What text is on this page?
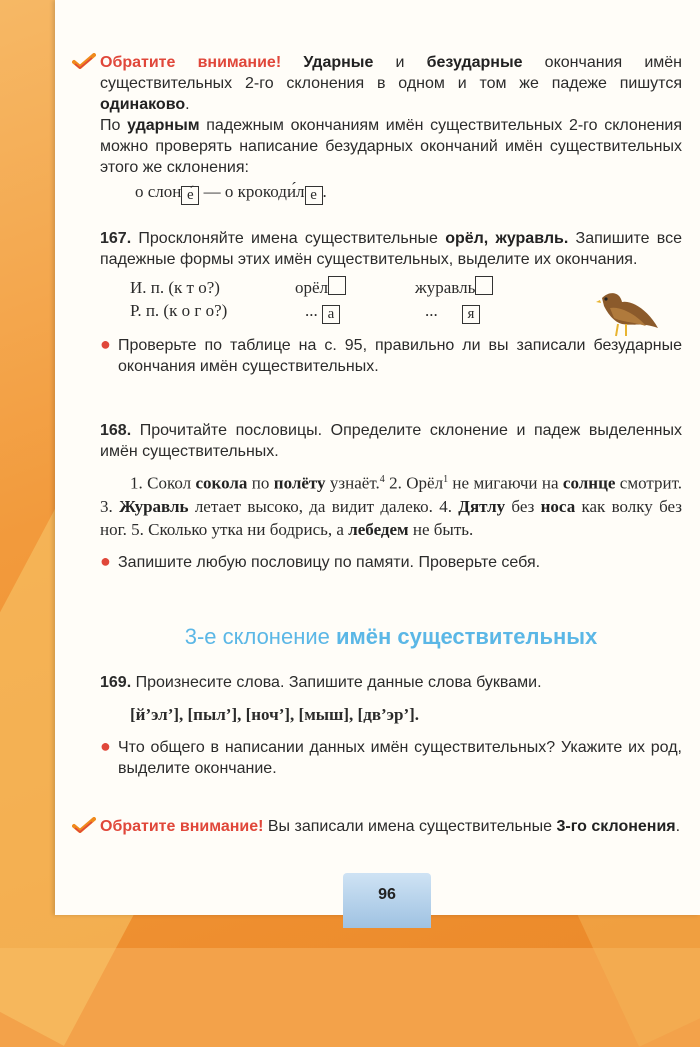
Обратите внимание! Ударные и безударные окончания имён существительных 2-го склонения в одном и том же падеже пишутся одинаково.

По ударным падежным окончаниям имён существительных 2-го склонения можно проверять написание безударных окончаний имён существительных этого же склонения:

о слон е́ — о крокоди́л е .

167. Просклоняйте имена существительные орёл, журавль. Запишите все падежные формы этих имён существительных, выделите их окончания.

И. п. (к т о?)	орёл	журавль
Р. п. (к о г о?)	... а	... я

● Проверьте по таблице на с. 95, правильно ли вы записали безударные окончания имён существительных.

168. Прочитайте пословицы. Определите склонение и падеж выделенных имён существительных.

1. Сокол сокола по полёту узнаёт.$^4$ 2. Орёл$^1$ не мигаючи на солнце смотрит. 3. Журавль летает высоко, да видит далеко. 4. Дятлу без носа как волку без ног. 5. Сколько утка ни бодрись, а лебедем не быть.

● Запишите любую пословицу по памяти. Проверьте себя.

3-е склонение имён существительных

169. Произнесите слова. Запишите данные слова буквами.

[й’эл’], [пыл’], [ноч’], [мыш], [дв’эр’].

● Что общего в написании данных имён существительных? Укажите их род, выделите окончание.

Обратите внимание! Вы записали имена существительные 3-го склонения.

96
